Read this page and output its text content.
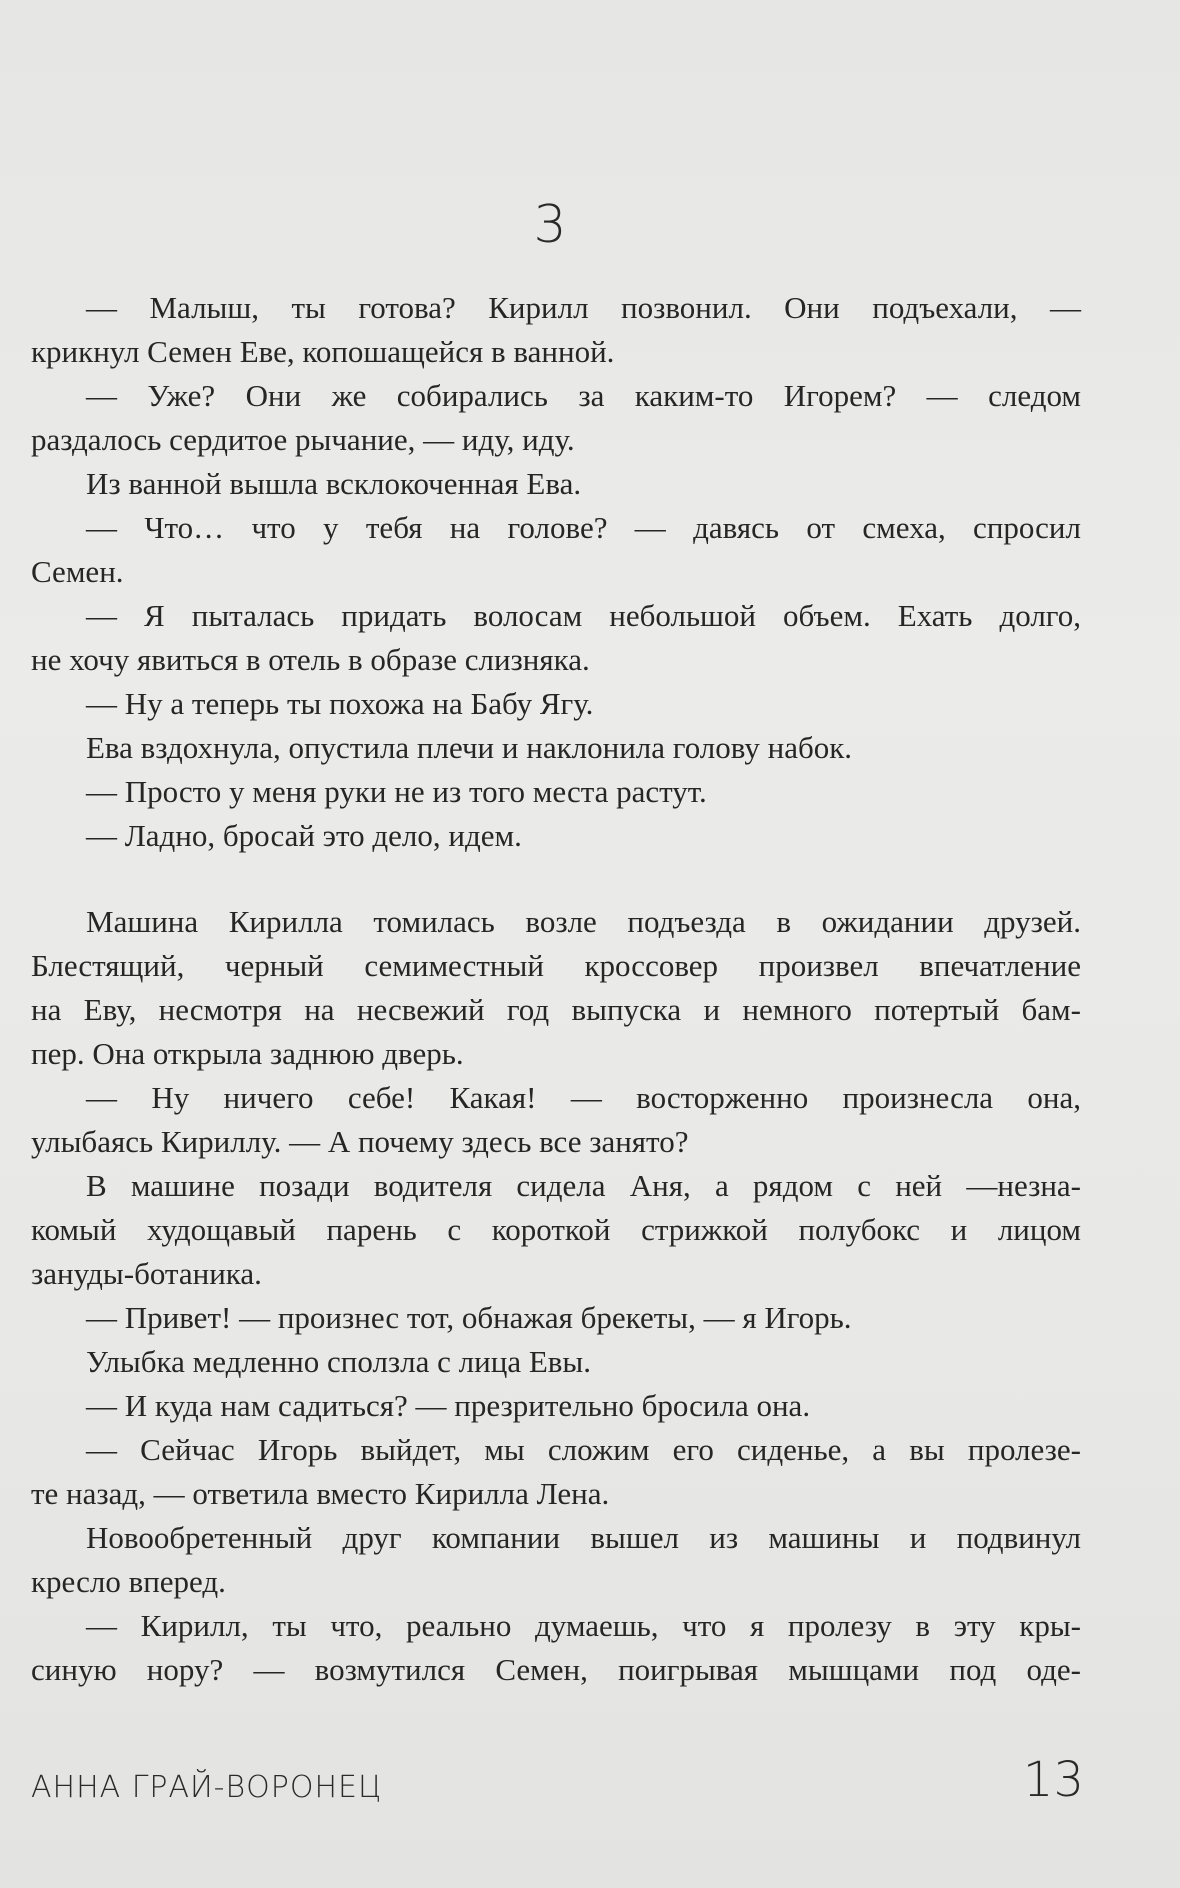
3
— Малыш, ты готова? Кирилл позвонил. Они подъехали, —
крикнул Семен Еве, копошащейся в ванной.
— Уже? Они же собирались за каким-то Игорем? — следом
раздалось сердитое рычание, — иду, иду.
Из ванной вышла всклокоченная Ева.
— Что… что у тебя на голове? — давясь от смеха, спросил
Семен.
— Я пыталась придать волосам небольшой объем. Ехать долго,
не хочу явиться в отель в образе слизняка.
— Ну а теперь ты похожа на Бабу Ягу.
Ева вздохнула, опустила плечи и наклонила голову набок.
— Просто у меня руки не из того места растут.
— Ладно, бросай это дело, идем.
Машина Кирилла томилась возле подъезда в ожидании друзей.
Блестящий, черный семиместный кроссовер произвел впечатление
на Еву, несмотря на несвежий год выпуска и немного потертый бам-
пер. Она открыла заднюю дверь.
— Ну ничего себе! Какая! — восторженно произнесла она,
улыбаясь Кириллу. — А почему здесь все занято?
В машине позади водителя сидела Аня, а рядом с ней —незна-
комый худощавый парень с короткой стрижкой полубокс и лицом
зануды-ботаника.
— Привет! — произнес тот, обнажая брекеты, — я Игорь.
Улыбка медленно сползла с лица Евы.
— И куда нам садиться? — презрительно бросила она.
— Сейчас Игорь выйдет, мы сложим его сиденье, а вы пролезе-
те назад, — ответила вместо Кирилла Лена.
Новообретенный друг компании вышел из машины и подвинул
кресло вперед.
— Кирилл, ты что, реально думаешь, что я пролезу в эту кры-
синую нору? — возмутился Семен, поигрывая мышцами под оде-
АННА ГРАЙ-ВОРОНЕЦ	13
